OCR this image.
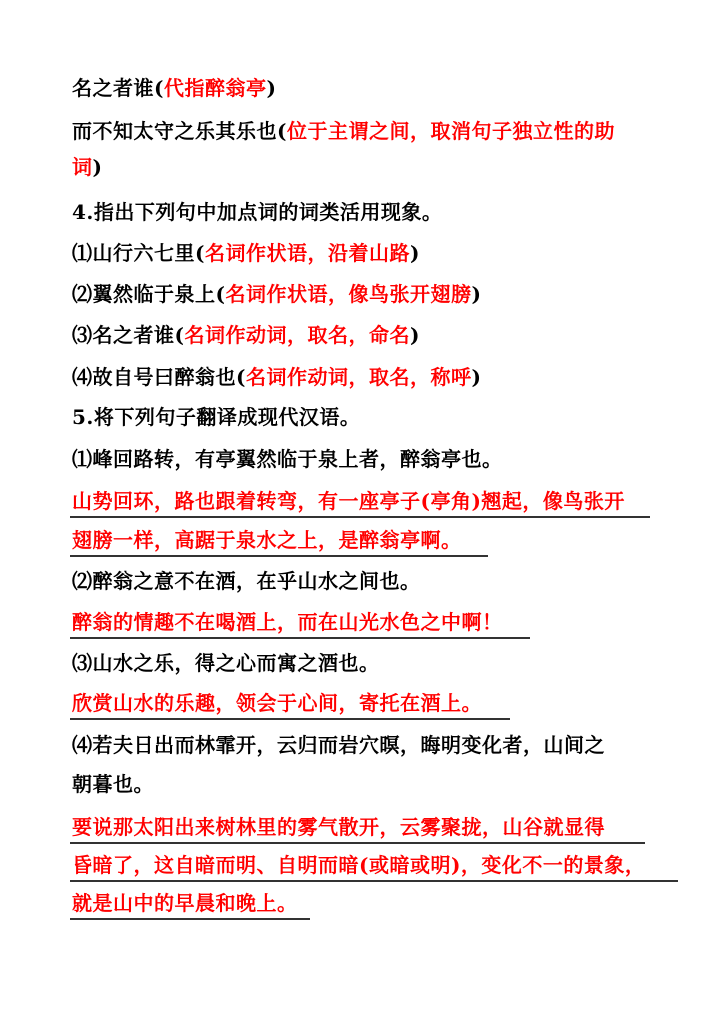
名之者谁(代指醉翁亭)
而不知太守之乐其乐也(位于主谓之间，取消句子独立性的助
词)
4.指出下列句中加点词的词类活用现象。
⑴山行六七里(名词作状语，沿着山路)
⑵翼然临于泉上(名词作状语，像鸟张开翅膀)
⑶名之者谁(名词作动词，取名，命名)
⑷故自号曰醉翁也(名词作动词，取名，称呼)
5.将下列句子翻译成现代汉语。
⑴峰回路转，有亭翼然临于泉上者，醉翁亭也。
山势回环，路也跟着转弯，有一座亭子(亭角)翘起，像鸟张开
翅膀一样，高踞于泉水之上，是醉翁亭啊。
⑵醉翁之意不在酒，在乎山水之间也。
醉翁的情趣不在喝酒上，而在山光水色之中啊！
⑶山水之乐，得之心而寓之酒也。
欣赏山水的乐趣，领会于心间，寄托在酒上。
⑷若夫日出而林霏开，云归而岩穴暝，晦明变化者，山间之
朝暮也。
要说那太阳出来树林里的雾气散开，云雾聚拢，山谷就显得
昏暗了，这自暗而明、自明而暗(或暗或明)，变化不一的景象，
就是山中的早晨和晚上。
